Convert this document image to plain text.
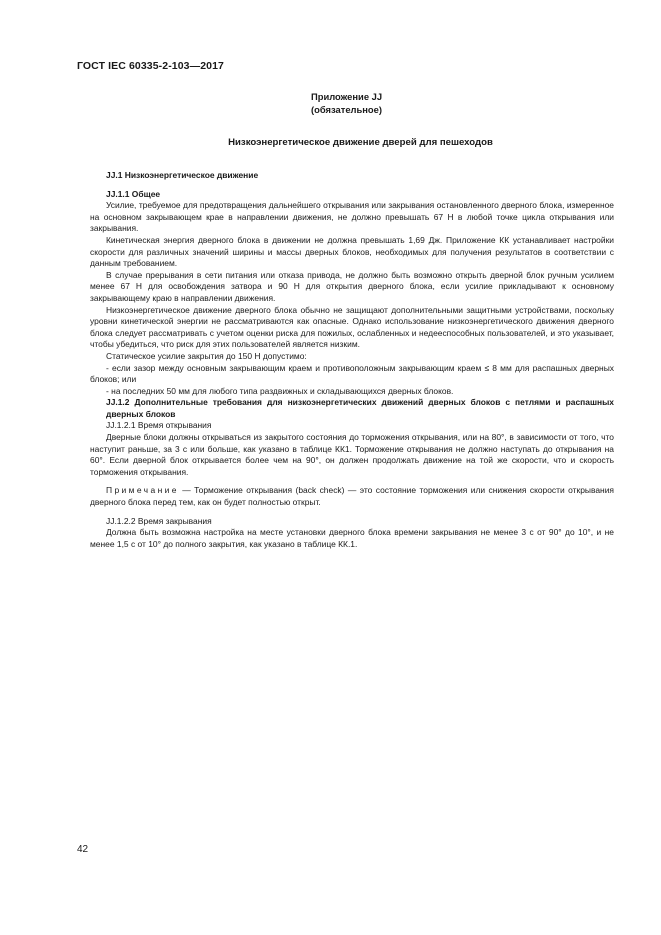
ГОСТ IEC 60335-2-103—2017
Приложение JJ
(обязательное)
Низкоэнергетическое движение дверей для пешеходов

JJ.1 Низкоэнергетическое движение

JJ.1.1 Общее

Усилие, требуемое для предотвращения дальнейшего открывания или закрывания остановленного дверного блока, измеренное на основном закрывающем крае в направлении движения, не должно превышать 67 Н в любой точке цикла открывания или закрывания.

Кинетическая энергия дверного блока в движении не должна превышать 1,69 Дж. Приложение КК устанавливает настройки скорости для различных значений ширины и массы дверных блоков, необходимых для получения результатов в соответствии с данным требованием.

В случае прерывания в сети питания или отказа привода, не должно быть возможно открыть дверной блок ручным усилием менее 67 Н для освобождения затвора и 90 Н для открытия дверного блока, если усилие прикладывают к основному закрывающему краю в направлении движения.

Низкоэнергетическое движение дверного блока обычно не защищают дополнительными защитными устройствами, поскольку уровни кинетической энергии не рассматриваются как опасные. Однако использование низкоэнергетического движения дверного блока следует рассматривать с учетом оценки риска для пожилых, ослабленных и недееспособных пользователей, и это указывает, чтобы убедиться, что риск для этих пользователей является низким.

Статическое усилие закрытия до 150 Н допустимо:

- если зазор между основным закрывающим краем и противоположным закрывающим краем ≤ 8 мм для распашных дверных блоков; или

- на последних 50 мм для любого типа раздвижных и складывающихся дверных блоков.

JJ.1.2 Дополнительные требования для низкоэнергетических движений дверных блоков с петлями и распашных дверных блоков

JJ.1.2.1 Время открывания

Дверные блоки должны открываться из закрытого состояния до торможения открывания, или на 80°, в зависимости от того, что наступит раньше, за 3 с или больше, как указано в таблице КК1. Торможение открывания не должно наступать до открывания на 60°. Если дверной блок открывается более чем на 90°, он должен продолжать движение на той же скорости, что и скорость торможения открывания.

Примечание — Торможение открывания (back check) — это состояние торможения или снижения скорости открывания дверного блока перед тем, как он будет полностью открыт.

JJ.1.2.2 Время закрывания

Должна быть возможна настройка на месте установки дверного блока времени закрывания не менее 3 с от 90° до 10°, и не менее 1,5 с от 10° до полного закрытия, как указано в таблице КК.1.

42
